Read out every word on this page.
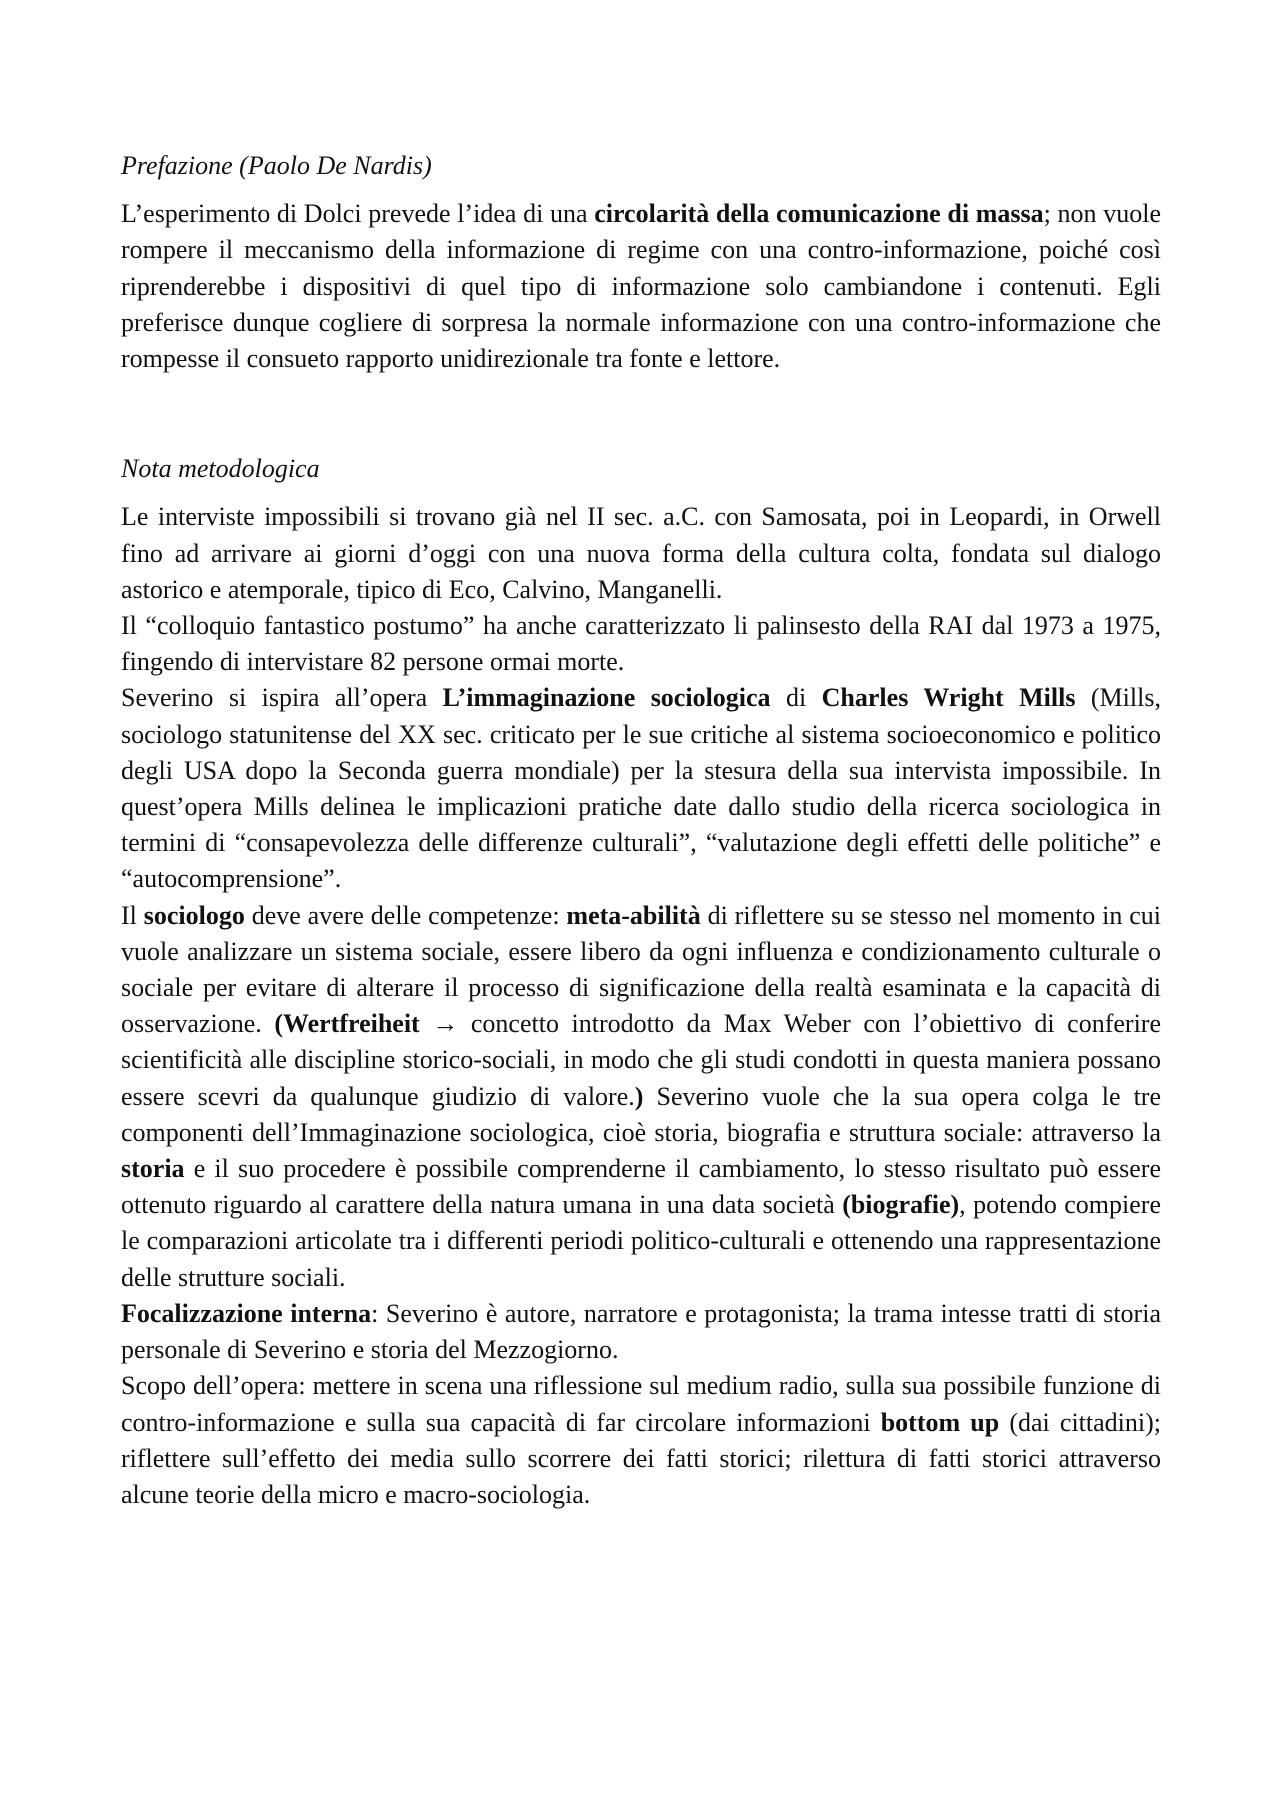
Prefazione (Paolo De Nardis)

L’esperimento di Dolci prevede l’idea di una circolarità della comunicazione di massa; non vuole rompere il meccanismo della informazione di regime con una contro-informazione, poiché così riprenderebbe i dispositivi di quel tipo di informazione solo cambiandone i contenuti. Egli preferisce dunque cogliere di sorpresa la normale informazione con una contro-informazione che rompesse il consueto rapporto unidirezionale tra fonte e lettore.

Nota metodologica

Le interviste impossibili si trovano già nel II sec. a.C. con Samosata, poi in Leopardi, in Orwell fino ad arrivare ai giorni d’oggi con una nuova forma della cultura colta, fondata sul dialogo astorico e atemporale, tipico di Eco, Calvino, Manganelli.

Il “colloquio fantastico postumo” ha anche caratterizzato li palinsesto della RAI dal 1973 a 1975, fingendo di intervistare 82 persone ormai morte.

Severino si ispira all’opera L’immaginazione sociologica di Charles Wright Mills (Mills, sociologo statunitense del XX sec. criticato per le sue critiche al sistema socioeconomico e politico degli USA dopo la Seconda guerra mondiale) per la stesura della sua intervista impossibile. In quest’opera Mills delinea le implicazioni pratiche date dallo studio della ricerca sociologica in termini di “consapevolezza delle differenze culturali”, “valutazione degli effetti delle politiche” e “autocomprensione”.

Il sociologo deve avere delle competenze: meta-abilità di riflettere su se stesso nel momento in cui vuole analizzare un sistema sociale, essere libero da ogni influenza e condizionamento culturale o sociale per evitare di alterare il processo di significazione della realtà esaminata e la capacità di osservazione. (Wertfreiheit → concetto introdotto da Max Weber con l’obiettivo di conferire scientificità alle discipline storico-sociali, in modo che gli studi condotti in questa maniera possano essere scevri da qualunque giudizio di valore.) Severino vuole che la sua opera colga le tre componenti dell’Immaginazione sociologica, cioè storia, biografia e struttura sociale: attraverso la storia e il suo procedere è possibile comprenderne il cambiamento, lo stesso risultato può essere ottenuto riguardo al carattere della natura umana in una data società (biografie), potendo compiere le comparazioni articolate tra i differenti periodi politico-culturali e ottenendo una rappresentazione delle strutture sociali.

Focalizzazione interna: Severino è autore, narratore e protagonista; la trama intesse tratti di storia personale di Severino e storia del Mezzogiorno.

Scopo dell’opera: mettere in scena una riflessione sul medium radio, sulla sua possibile funzione di contro-informazione e sulla sua capacità di far circolare informazioni bottom up (dai cittadini); riflettere sull’effetto dei media sullo scorrere dei fatti storici; rilettura di fatti storici attraverso alcune teorie della micro e macro-sociologia.
